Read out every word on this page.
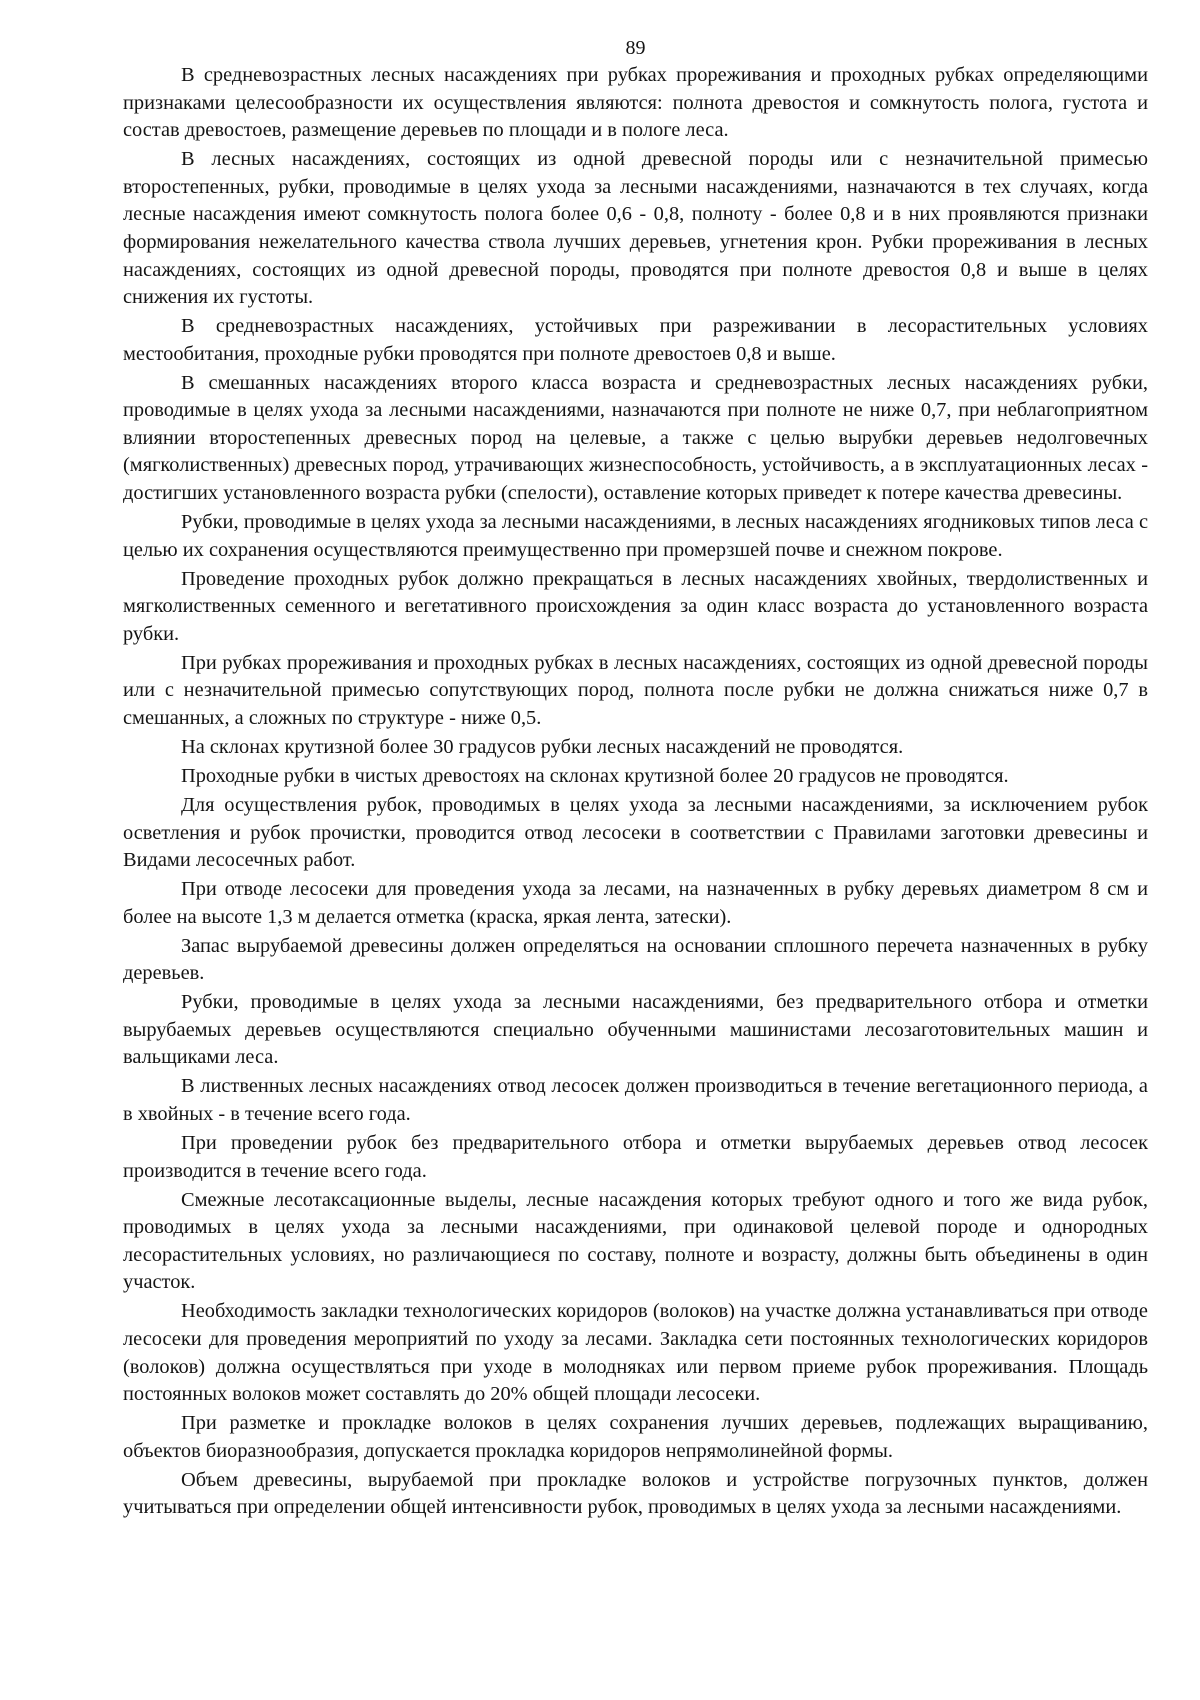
89

В средневозрастных лесных насаждениях при рубках прореживания и проходных рубках определяющими признаками целесообразности их осуществления являются: полнота древостоя и сомкнутость полога, густота и состав древостоев, размещение деревьев по площади и в пологе леса.

В лесных насаждениях, состоящих из одной древесной породы или с незначительной примесью второстепенных, рубки, проводимые в целях ухода за лесными насаждениями, назначаются в тех случаях, когда лесные насаждения имеют сомкнутость полога более 0,6 - 0,8, полноту - более 0,8 и в них проявляются признаки формирования нежелательного качества ствола лучших деревьев, угнетения крон. Рубки прореживания в лесных насаждениях, состоящих из одной древесной породы, проводятся при полноте древостоя 0,8 и выше в целях снижения их густоты.

В средневозрастных насаждениях, устойчивых при разреживании в лесорастительных условиях местообитания, проходные рубки проводятся при полноте древостоев 0,8 и выше.

В смешанных насаждениях второго класса возраста и средневозрастных лесных насаждениях рубки, проводимые в целях ухода за лесными насаждениями, назначаются при полноте не ниже 0,7, при неблагоприятном влиянии второстепенных древесных пород на целевые, а также с целью вырубки деревьев недолговечных (мягколиственных) древесных пород, утрачивающих жизнеспособность, устойчивость, а в эксплуатационных лесах - достигших установленного возраста рубки (спелости), оставление которых приведет к потере качества древесины.

Рубки, проводимые в целях ухода за лесными насаждениями, в лесных насаждениях ягодниковых типов леса с целью их сохранения осуществляются преимущественно при промерзшей почве и снежном покрове.

Проведение проходных рубок должно прекращаться в лесных насаждениях хвойных, твердолиственных и мягколиственных семенного и вегетативного происхождения за один класс возраста до установленного возраста рубки.

При рубках прореживания и проходных рубках в лесных насаждениях, состоящих из одной древесной породы или с незначительной примесью сопутствующих пород, полнота после рубки не должна снижаться ниже 0,7 в смешанных, а сложных по структуре - ниже 0,5.

На склонах крутизной более 30 градусов рубки лесных насаждений не проводятся.

Проходные рубки в чистых древостоях на склонах крутизной более 20 градусов не проводятся.

Для осуществления рубок, проводимых в целях ухода за лесными насаждениями, за исключением рубок осветления и рубок прочистки, проводится отвод лесосеки в соответствии с Правилами заготовки древесины и Видами лесосечных работ.

При отводе лесосеки для проведения ухода за лесами, на назначенных в рубку деревьях диаметром 8 см и более на высоте 1,3 м делается отметка (краска, яркая лента, затески).

Запас вырубаемой древесины должен определяться на основании сплошного перечета назначенных в рубку деревьев.

Рубки, проводимые в целях ухода за лесными насаждениями, без предварительного отбора и отметки вырубаемых деревьев осуществляются специально обученными машинистами лесозаготовительных машин и вальщиками леса.

В лиственных лесных насаждениях отвод лесосек должен производиться в течение вегетационного периода, а в хвойных - в течение всего года.

При проведении рубок без предварительного отбора и отметки вырубаемых деревьев отвод лесосек производится в течение всего года.

Смежные лесотаксационные выделы, лесные насаждения которых требуют одного и того же вида рубок, проводимых в целях ухода за лесными насаждениями, при одинаковой целевой породе и однородных лесорастительных условиях, но различающиеся по составу, полноте и возрасту, должны быть объединены в один участок.

Необходимость закладки технологических коридоров (волоков) на участке должна устанавливаться при отводе лесосеки для проведения мероприятий по уходу за лесами. Закладка сети постоянных технологических коридоров (волоков) должна осуществляться при уходе в молодняках или первом приеме рубок прореживания. Площадь постоянных волоков может составлять до 20% общей площади лесосеки.

При разметке и прокладке волоков в целях сохранения лучших деревьев, подлежащих выращиванию, объектов биоразнообразия, допускается прокладка коридоров непрямолинейной формы.

Объем древесины, вырубаемой при прокладке волоков и устройстве погрузочных пунктов, должен учитываться при определении общей интенсивности рубок, проводимых в целях ухода за лесными насаждениями.
